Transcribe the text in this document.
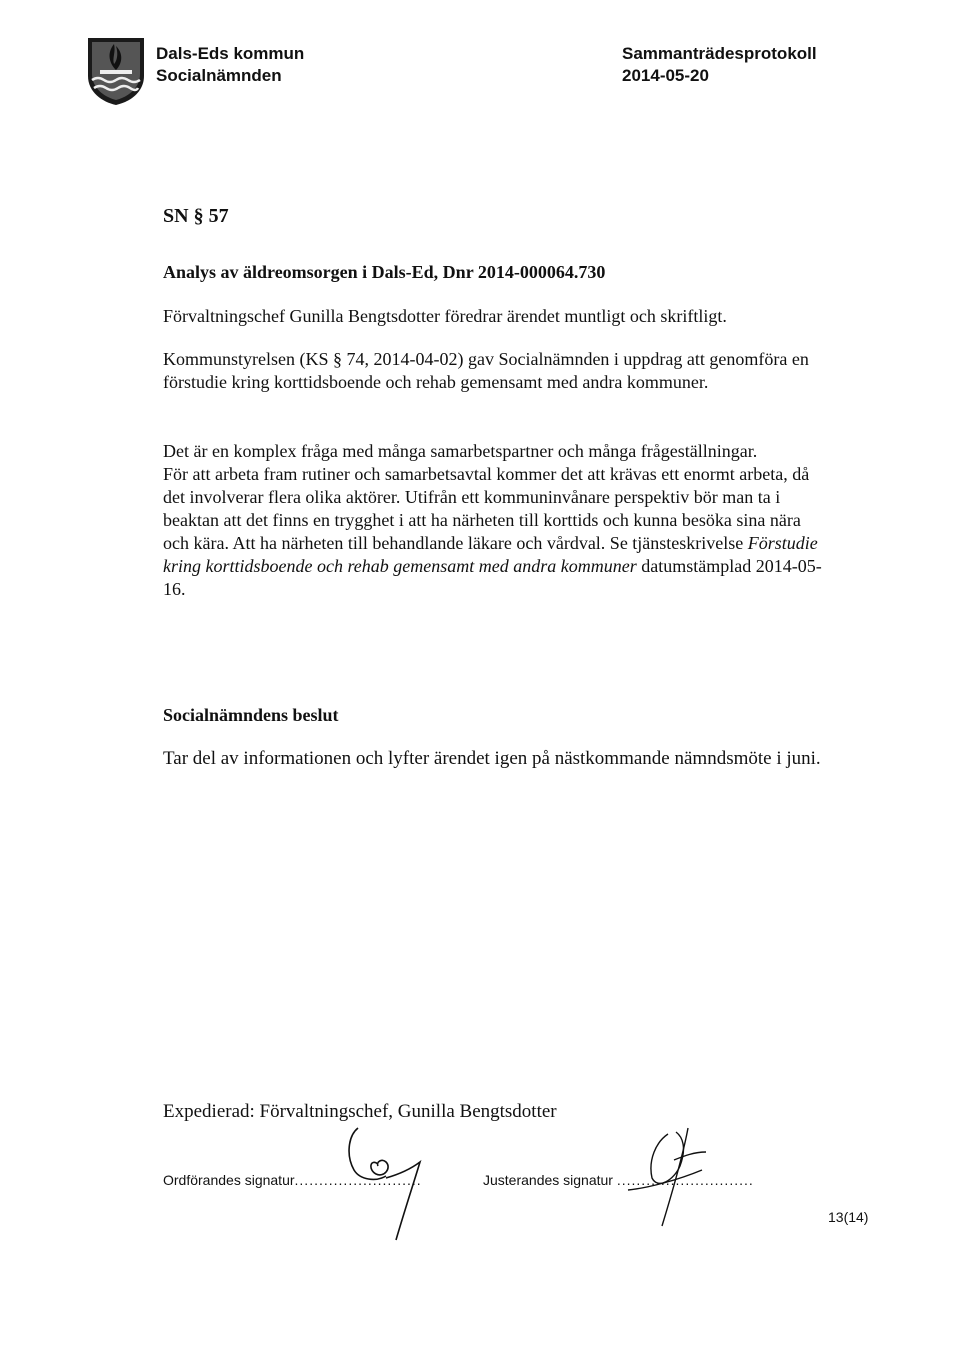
Dals-Eds kommun
Socialnämnden
Sammanträdesprotokoll
2014-05-20
SN § 57
Analys av äldreomsorgen i Dals-Ed, Dnr 2014-000064.730
Förvaltningschef Gunilla Bengtsdotter föredrar ärendet muntligt och skriftligt.
Kommunstyrelsen (KS § 74, 2014-04-02) gav Socialnämnden i uppdrag att genomföra en förstudie kring korttidsboende och rehab gemensamt med andra kommuner.
Det är en komplex fråga med många samarbetspartner och många frågeställningar.
För att arbeta fram rutiner och samarbetsavtal kommer det att krävas ett enormt arbeta, då det involverar flera olika aktörer. Utifrån ett kommuninvånare perspektiv bör man ta i beaktan att det finns en trygghet i att ha närheten till korttids och kunna besöka sina nära och kära. Att ha närheten till behandlande läkare och vårdval. Se tjänsteskrivelse Förstudie kring korttidsboende och rehab gemensamt med andra kommuner datumstämplad 2014-05-16.
Socialnämndens beslut
Tar del av informationen och lyfter ärendet igen på nästkommande nämndsmöte i juni.
Expedierad: Förvaltningschef, Gunilla Bengtsdotter
Ordförandes signatur..........................	Justerandes signatur ............................
13(14)
